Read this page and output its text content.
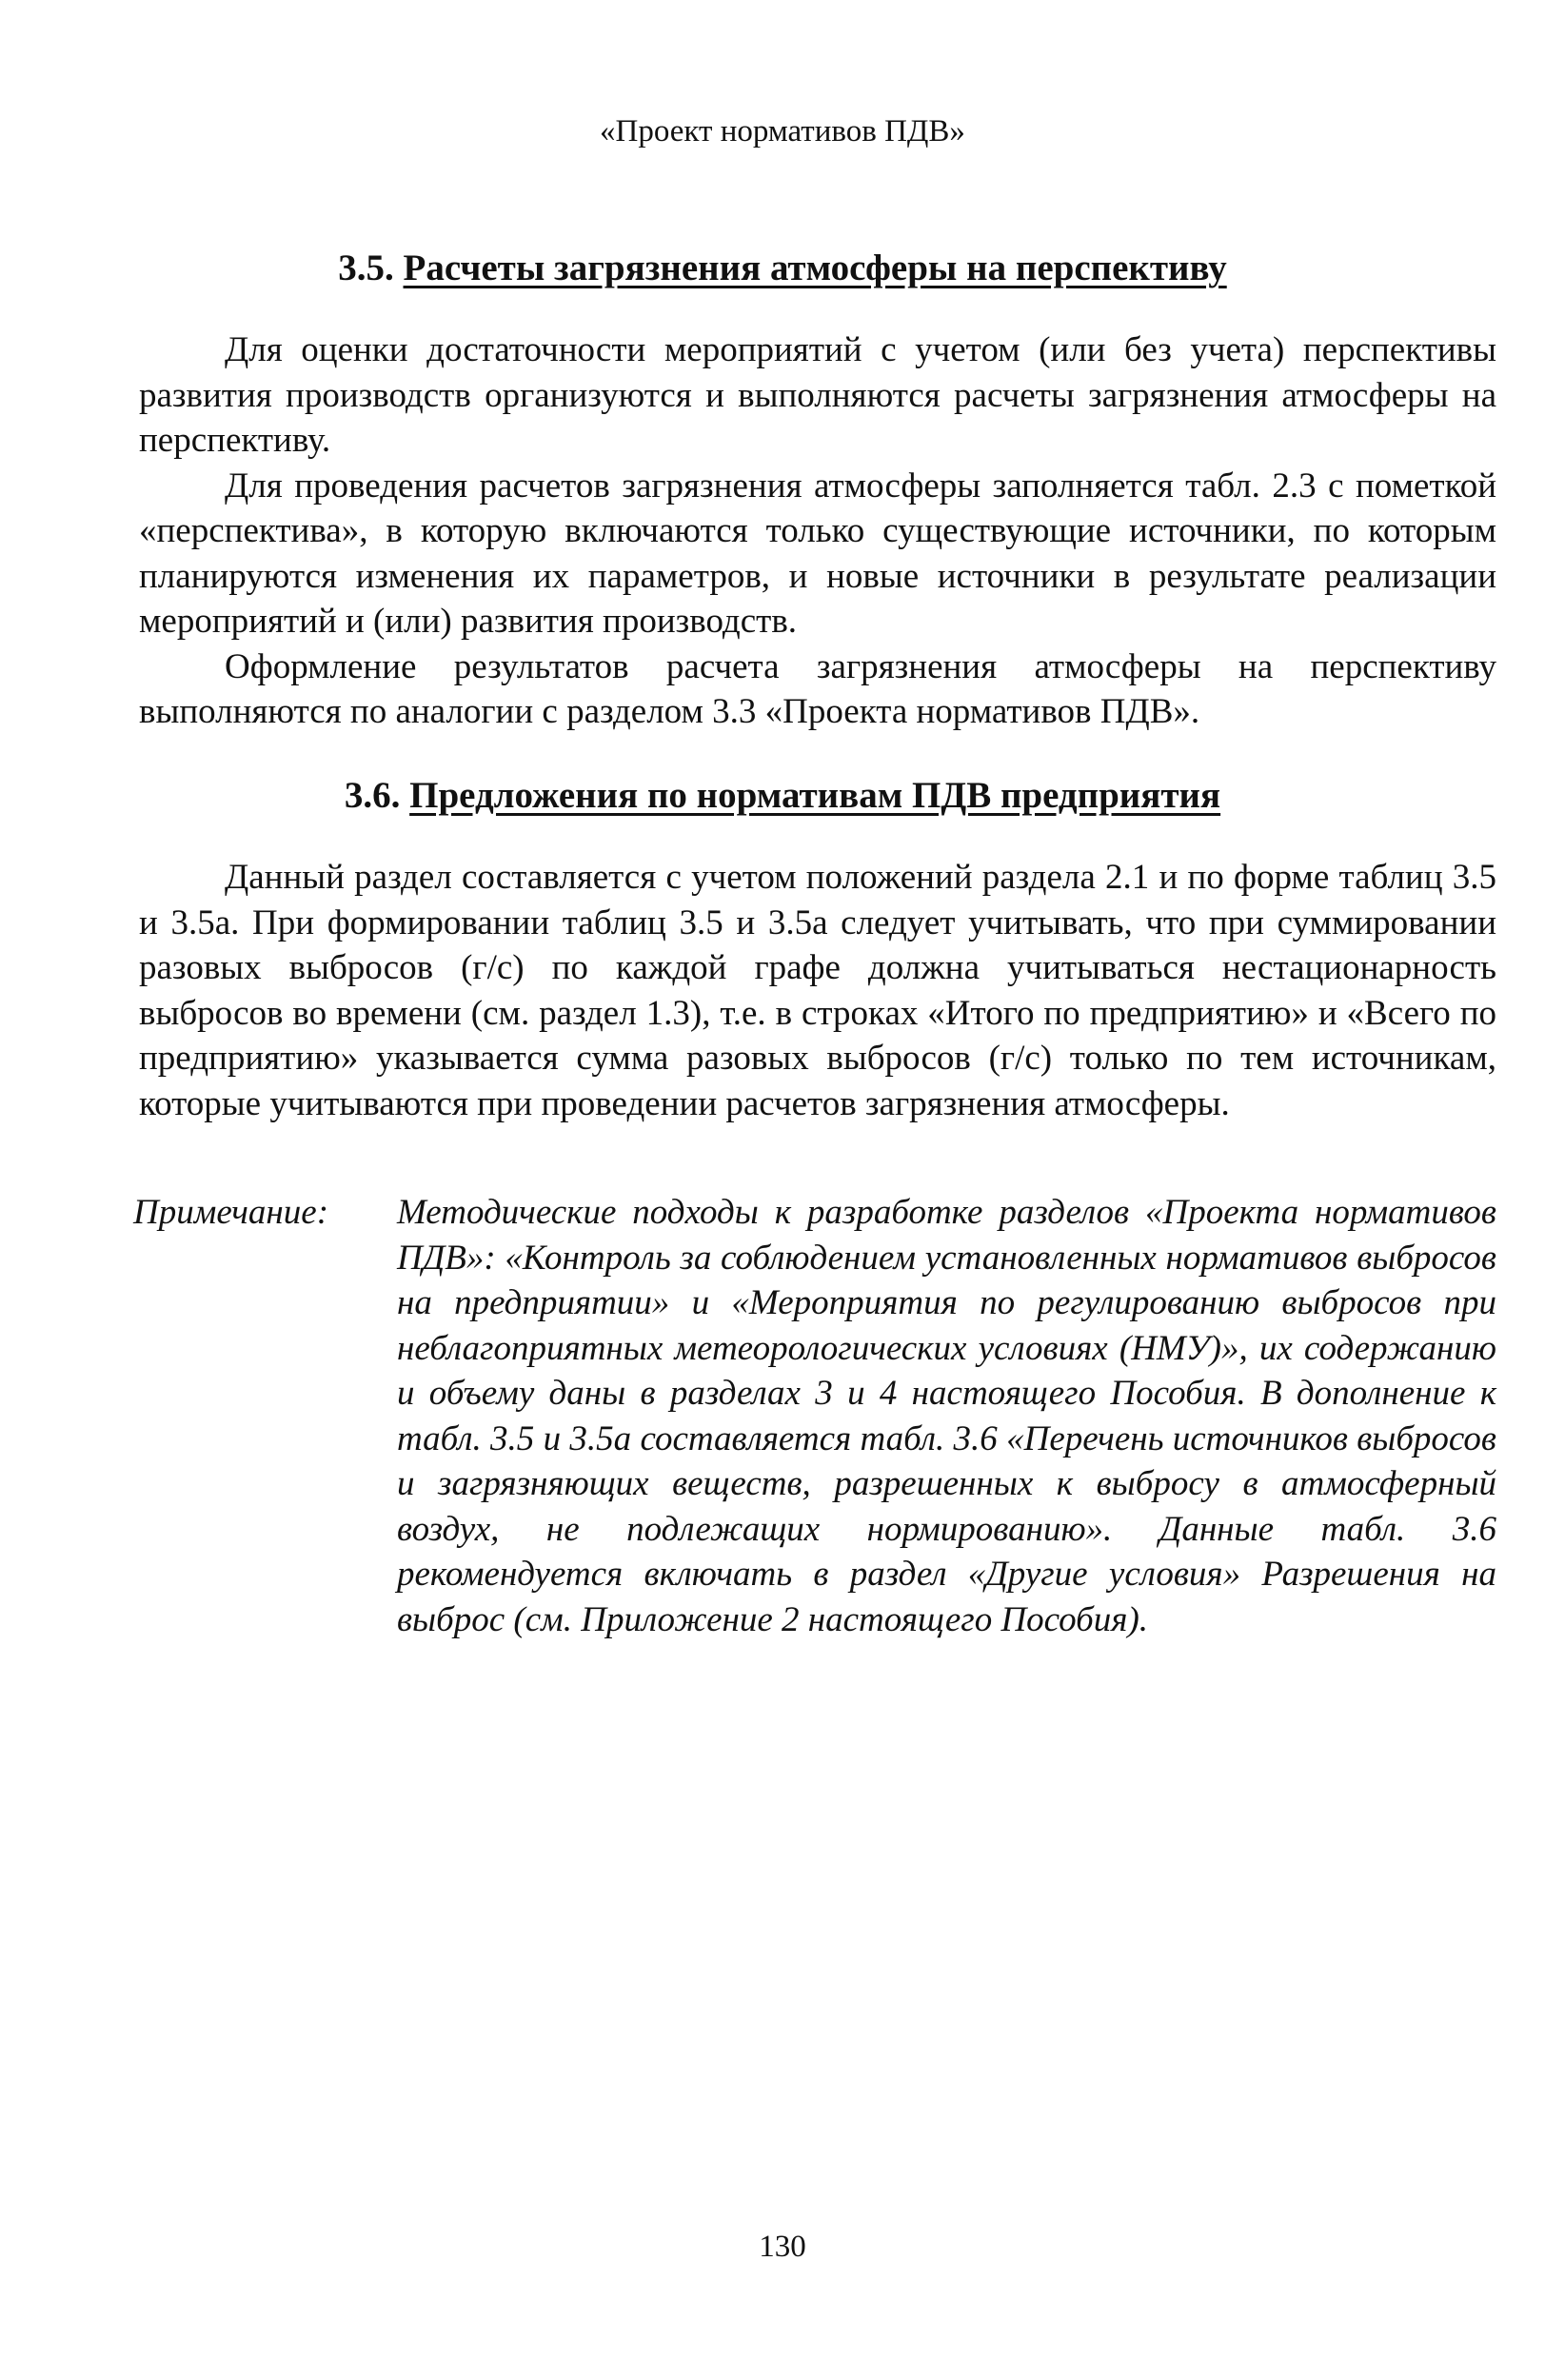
«Проект нормативов ПДВ»
3.5. Расчеты загрязнения атмосферы на перспективу

Для оценки достаточности мероприятий с учетом (или без учета) перспективы развития производств организуются и выполняются расчеты загрязнения атмосферы на перспективу.

Для проведения расчетов загрязнения атмосферы заполняется табл. 2.3 с пометкой «перспектива», в которую включаются только существующие источники, по которым планируются изменения их параметров, и новые источники в результате реализации мероприятий и (или) развития производств.

Оформление результатов расчета загрязнения атмосферы на перспективу выполняются по аналогии с разделом 3.3 «Проекта нормативов ПДВ».

3.6. Предложения по нормативам ПДВ предприятия

Данный раздел составляется с учетом положений раздела 2.1 и по форме таблиц 3.5 и 3.5а. При формировании таблиц 3.5 и 3.5а следует учитывать, что при суммировании разовых выбросов (г/с) по каждой графе должна учитываться нестационарность выбросов во времени (см. раздел 1.3), т.е. в строках «Итого по предприятию» и «Всего по предприятию» указывается сумма разовых выбросов (г/с) только по тем источникам, которые учитываются при проведении расчетов загрязнения атмосферы.

Примечание:	Методические подходы к разработке разделов «Проекта нормативов ПДВ»: «Контроль за соблюдением установленных нормативов выбросов на предприятии» и «Мероприятия по регулированию выбросов при неблагоприятных метеорологических условиях (НМУ)», их содержанию и объему даны в разделах 3 и 4 настоящего Пособия. В дополнение к табл. 3.5 и 3.5а составляется табл. 3.6 «Перечень источников выбросов и загрязняющих веществ, разрешенных к выбросу в атмосферный воздух, не подлежащих нормированию». Данные табл. 3.6 рекомендуется включать в раздел «Другие условия» Разрешения на выброс (см. Приложение 2 настоящего Пособия).
130
